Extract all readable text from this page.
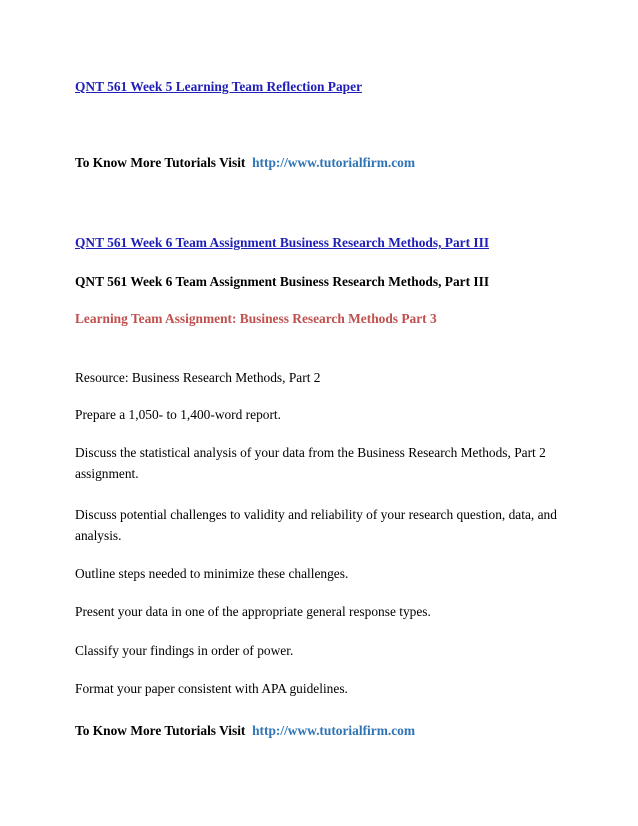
QNT 561 Week 5 Learning Team Reflection Paper

To Know More Tutorials Visit http://www.tutorialfirm.com

QNT 561 Week 6 Team Assignment Business Research Methods, Part III

QNT 561 Week 6 Team Assignment Business Research Methods, Part III

Learning Team Assignment: Business Research Methods Part 3

Resource: Business Research Methods, Part 2

Prepare a 1,050- to 1,400-word report.

Discuss the statistical analysis of your data from the Business Research Methods, Part 2 assignment.

Discuss potential challenges to validity and reliability of your research question, data, and analysis.

Outline steps needed to minimize these challenges.

Present your data in one of the appropriate general response types.

Classify your findings in order of power.

Format your paper consistent with APA guidelines.

To Know More Tutorials Visit http://www.tutorialfirm.com
